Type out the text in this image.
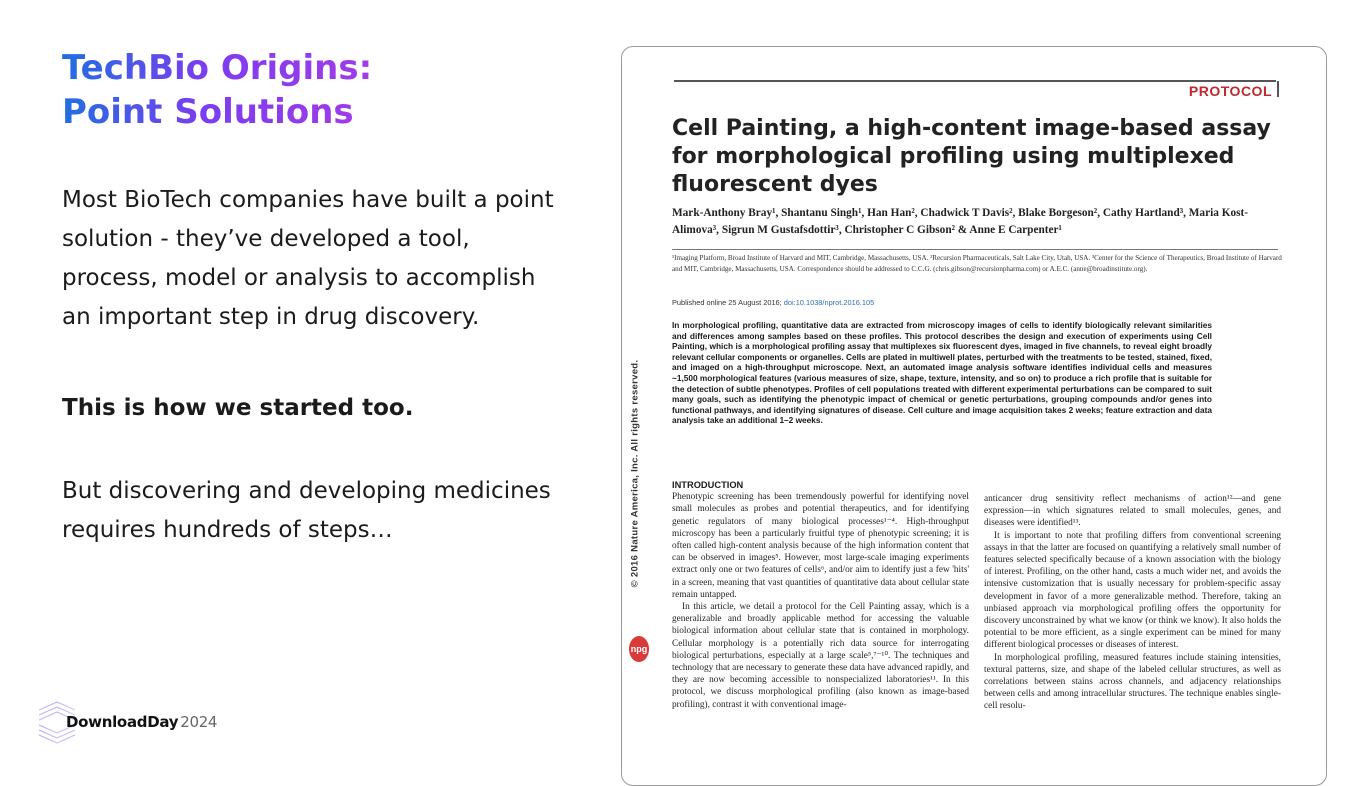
TechBio Origins:
Point Solutions

Most BioTech companies have built a point solution - they’ve developed a tool, process, model or analysis to accomplish an important step in drug discovery.

This is how we started too.

But discovering and developing medicines requires hundreds of steps…

DownloadDay 2024
PROTOCOL
Cell Painting, a high-content image-based assay for morphological profiling using multiplexed fluorescent dyes

Mark-Anthony Bray¹, Shantanu Singh¹, Han Han², Chadwick T Davis², Blake Borgeson², Cathy Hartland³, Maria Kost-Alimova³, Sigrun M Gustafsdottir³, Christopher C Gibson² & Anne E Carpenter¹

¹Imaging Platform, Broad Institute of Harvard and MIT, Cambridge, Massachusetts, USA. ²Recursion Pharmaceuticals, Salt Lake City, Utah, USA. ³Center for the Science of Therapeutics, Broad Institute of Harvard and MIT, Cambridge, Massachusetts, USA. Correspondence should be addressed to C.C.G. (chris.gibson@recursionpharma.com) or A.E.C. (anne@broadinstitute.org).

Published online 25 August 2016; doi:10.1038/nprot.2016.105

In morphological profiling, quantitative data are extracted from microscopy images of cells to identify biologically relevant similarities and differences among samples based on these profiles. This protocol describes the design and execution of experiments using Cell Painting, which is a morphological profiling assay that multiplexes six fluorescent dyes, imaged in five channels, to reveal eight broadly relevant cellular components or organelles. Cells are plated in multiwell plates, perturbed with the treatments to be tested, stained, fixed, and imaged on a high-throughput microscope. Next, an automated image analysis software identifies individual cells and measures ~1,500 morphological features (various measures of size, shape, texture, intensity, and so on) to produce a rich profile that is suitable for the detection of subtle phenotypes. Profiles of cell populations treated with different experimental perturbations can be compared to suit many goals, such as identifying the phenotypic impact of chemical or genetic perturbations, grouping compounds and/or genes into functional pathways, and identifying signatures of disease. Cell culture and image acquisition takes 2 weeks; feature extraction and data analysis take an additional 1–2 weeks.

© 2016 Nature America, Inc. All rights reserved.
npg
INTRODUCTION

Phenotypic screening has been tremendously powerful for identifying novel small molecules as probes and potential therapeutics, and for identifying genetic regulators of many biological processes¹⁻⁴. High-throughput microscopy has been a particularly fruitful type of phenotypic screening; it is often called high-content analysis because of the high information content that can be observed in images⁵. However, most large-scale imaging experiments extract only one or two features of cells⁶, and/or aim to identify just a few 'hits' in a screen, meaning that vast quantities of quantitative data about cellular state remain untapped.

In this article, we detail a protocol for the Cell Painting assay, which is a generalizable and broadly applicable method for accessing the valuable biological information about cellular state that is contained in morphology. Cellular morphology is a potentially rich data source for interrogating biological perturbations, especially at a large scale⁵,⁷⁻¹⁰. The techniques and technology that are necessary to generate these data have advanced rapidly, and they are now becoming accessible to nonspecialized laboratories¹¹. In this protocol, we discuss morphological profiling (also known as image-based profiling), contrast it with conventional image-

anticancer drug sensitivity reflect mechanisms of action¹²—and gene expression—in which signatures related to small molecules, genes, and diseases were identified¹³.

It is important to note that profiling differs from conventional screening assays in that the latter are focused on quantifying a relatively small number of features selected specifically because of a known association with the biology of interest. Profiling, on the other hand, casts a much wider net, and avoids the intensive customization that is usually necessary for problem-specific assay development in favor of a more generalizable method. Therefore, taking an unbiased approach via morphological profiling offers the opportunity for discovery unconstrained by what we know (or think we know). It also holds the potential to be more efficient, as a single experiment can be mined for many different biological processes or diseases of interest.

In morphological profiling, measured features include staining intensities, textural patterns, size, and shape of the labeled cellular structures, as well as correlations between stains across channels, and adjacency relationships between cells and among intracellular structures. The technique enables single-cell resolu-
